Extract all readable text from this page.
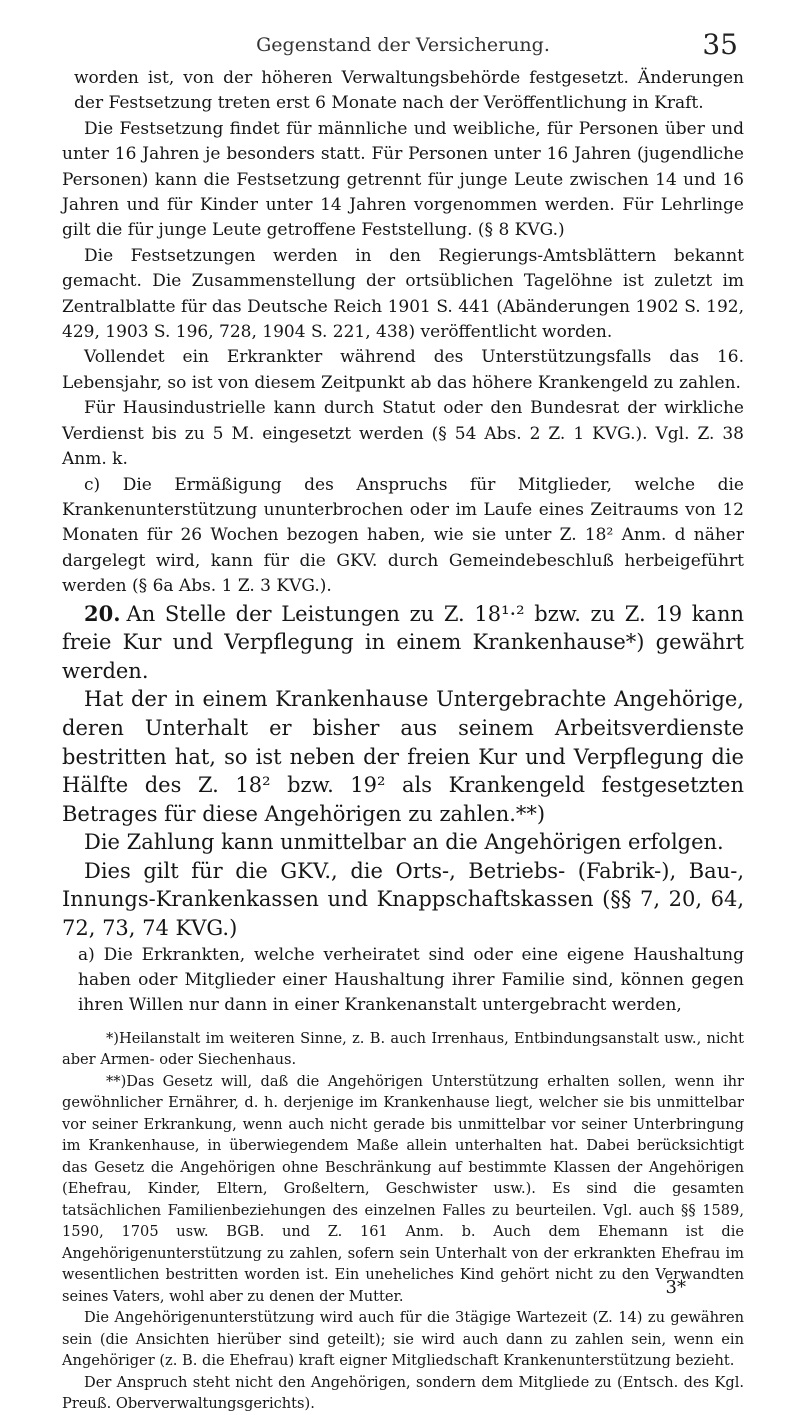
Gegenstand der Versicherung.	35

worden ist, von der höheren Verwaltungsbehörde festgesetzt. Änderungen der Festsetzung treten erst 6 Monate nach der Veröffentlichung in Kraft.

Die Festsetzung findet für männliche und weibliche, für Personen über und unter 16 Jahren je besonders statt. Für Personen unter 16 Jahren (jugendliche Personen) kann die Festsetzung getrennt für junge Leute zwischen 14 und 16 Jahren und für Kinder unter 14 Jahren vorgenommen werden. Für Lehrlinge gilt die für junge Leute getroffene Feststellung. (§ 8 KVG.)

Die Festsetzungen werden in den Regierungs-Amtsblättern bekannt gemacht. Die Zusammenstellung der ortsüblichen Tagelöhne ist zuletzt im Zentralblatte für das Deutsche Reich 1901 S. 441 (Abänderungen 1902 S. 192, 429, 1903 S. 196, 728, 1904 S. 221, 438) veröffentlicht worden.

Vollendet ein Erkrankter während des Unterstützungsfalls das 16. Lebensjahr, so ist von diesem Zeitpunkt ab das höhere Krankengeld zu zahlen.

Für Hausindustrielle kann durch Statut oder den Bundesrat der wirkliche Verdienst bis zu 5 M. eingesetzt werden (§ 54 Abs. 2 Z. 1 KVG.). Vgl. Z. 38 Anm. k.

c) Die Ermäßigung des Anspruchs für Mitglieder, welche die Krankenunterstützung ununterbrochen oder im Laufe eines Zeitraums von 12 Monaten für 26 Wochen bezogen haben, wie sie unter Z. 18² Anm. d näher dargelegt wird, kann für die GKV. durch Gemeindebeschluß herbeigeführt werden (§ 6a Abs. 1 Z. 3 KVG.).

20. An Stelle der Leistungen zu Z. 18¹·² bzw. zu Z. 19 kann freie Kur und Verpflegung in einem Krankenhause*) gewährt werden.

Hat der in einem Krankenhause Untergebrachte Angehörige, deren Unterhalt er bisher aus seinem Arbeitsverdienste bestritten hat, so ist neben der freien Kur und Verpflegung die Hälfte des Z. 18² bzw. 19² als Krankengeld festgesetzten Betrages für diese Angehörigen zu zahlen.**)

Die Zahlung kann unmittelbar an die Angehörigen erfolgen.

Dies gilt für die GKV., die Orts-, Betriebs- (Fabrik-), Bau-, Innungs-Krankenkassen und Knappschaftskassen (§§ 7, 20, 64, 72, 73, 74 KVG.)

a) Die Erkrankten, welche verheiratet sind oder eine eigene Haushaltung haben oder Mitglieder einer Haushaltung ihrer Familie sind, können gegen ihren Willen nur dann in einer Krankenanstalt untergebracht werden,

*)Heilanstalt im weiteren Sinne, z. B. auch Irrenhaus, Entbindungsanstalt usw., nicht aber Armen- oder Siechenhaus.

**)Das Gesetz will, daß die Angehörigen Unterstützung erhalten sollen, wenn ihr gewöhnlicher Ernährer, d. h. derjenige im Krankenhause liegt, welcher sie bis unmittelbar vor seiner Erkrankung, wenn auch nicht gerade bis unmittelbar vor seiner Unterbringung im Krankenhause, in überwiegendem Maße allein unterhalten hat. Dabei berücksichtigt das Gesetz die Angehörigen ohne Beschränkung auf bestimmte Klassen der Angehörigen (Ehefrau, Kinder, Eltern, Großeltern, Geschwister usw.). Es sind die gesamten tatsächlichen Familienbeziehungen des einzelnen Falles zu beurteilen. Vgl. auch §§ 1589, 1590, 1705 usw. BGB. und Z. 161 Anm. b. Auch dem Ehemann ist die Angehörigenunterstützung zu zahlen, sofern sein Unterhalt von der erkrankten Ehefrau im wesentlichen bestritten worden ist. Ein uneheliches Kind gehört nicht zu den Verwandten seines Vaters, wohl aber zu denen der Mutter.

Die Angehörigenunterstützung wird auch für die 3tägige Wartezeit (Z. 14) zu gewähren sein (die Ansichten hierüber sind geteilt); sie wird auch dann zu zahlen sein, wenn ein Angehöriger (z. B. die Ehefrau) kraft eigner Mitgliedschaft Krankenunterstützung bezieht.

Der Anspruch steht nicht den Angehörigen, sondern dem Mitgliede zu (Entsch. des Kgl. Preuß. Oberverwaltungsgerichts).

3*
